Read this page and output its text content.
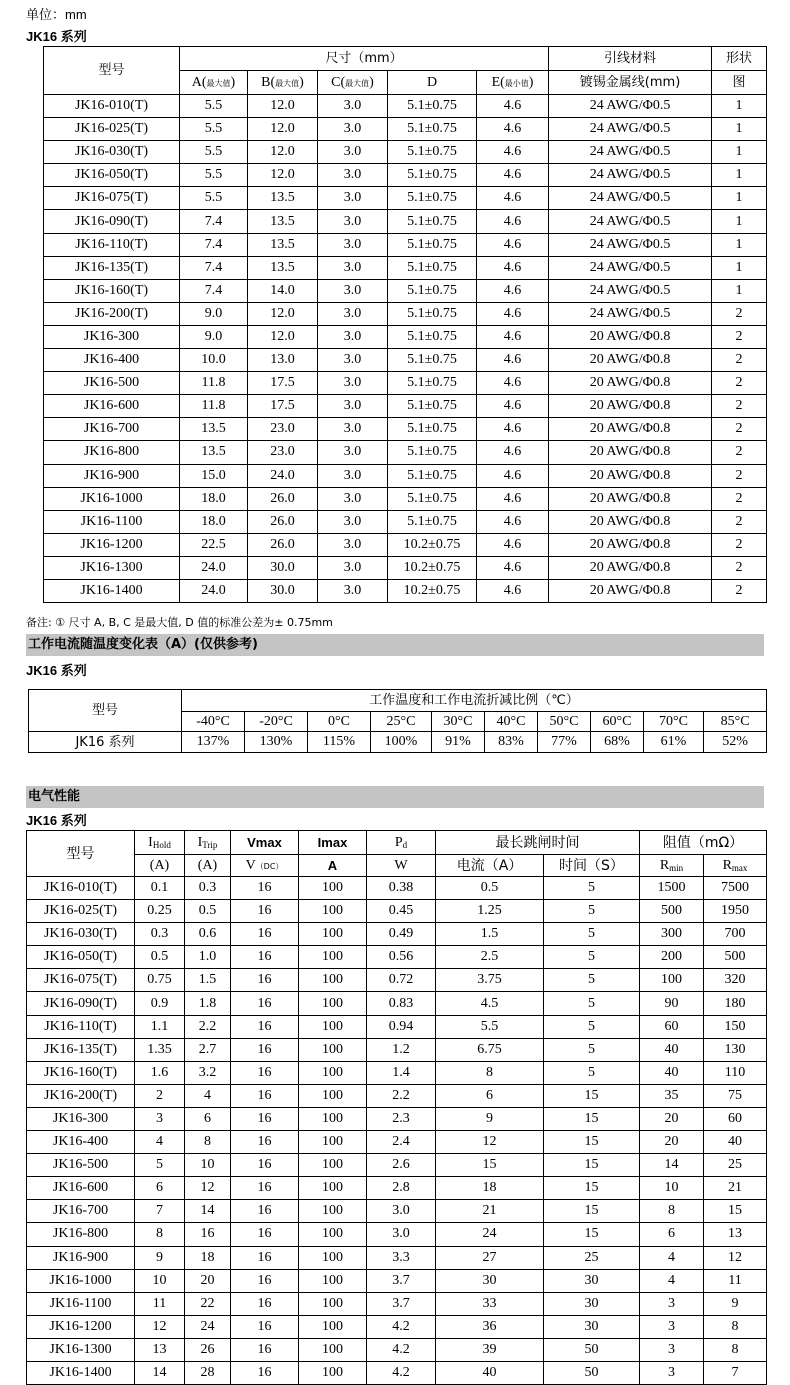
单位：mm
JK16 系列
型号	尺寸（mm）					引线材料	形状
	A(最大值)	B(最大值)	C(最大值)	D	E(最小值)	镀锡金属线(mm)	图
JK16-010(T)	5.5	12.0	3.0	5.1±0.75	4.6	24 AWG/Φ0.5	1
JK16-025(T)	5.5	12.0	3.0	5.1±0.75	4.6	24 AWG/Φ0.5	1
JK16-030(T)	5.5	12.0	3.0	5.1±0.75	4.6	24 AWG/Φ0.5	1
JK16-050(T)	5.5	12.0	3.0	5.1±0.75	4.6	24 AWG/Φ0.5	1
JK16-075(T)	5.5	13.5	3.0	5.1±0.75	4.6	24 AWG/Φ0.5	1
JK16-090(T)	7.4	13.5	3.0	5.1±0.75	4.6	24 AWG/Φ0.5	1
JK16-110(T)	7.4	13.5	3.0	5.1±0.75	4.6	24 AWG/Φ0.5	1
JK16-135(T)	7.4	13.5	3.0	5.1±0.75	4.6	24 AWG/Φ0.5	1
JK16-160(T)	7.4	14.0	3.0	5.1±0.75	4.6	24 AWG/Φ0.5	1
JK16-200(T)	9.0	12.0	3.0	5.1±0.75	4.6	24 AWG/Φ0.5	2
JK16-300	9.0	12.0	3.0	5.1±0.75	4.6	20 AWG/Φ0.8	2
JK16-400	10.0	13.0	3.0	5.1±0.75	4.6	20 AWG/Φ0.8	2
JK16-500	11.8	17.5	3.0	5.1±0.75	4.6	20 AWG/Φ0.8	2
JK16-600	11.8	17.5	3.0	5.1±0.75	4.6	20 AWG/Φ0.8	2
JK16-700	13.5	23.0	3.0	5.1±0.75	4.6	20 AWG/Φ0.8	2
JK16-800	13.5	23.0	3.0	5.1±0.75	4.6	20 AWG/Φ0.8	2
JK16-900	15.0	24.0	3.0	5.1±0.75	4.6	20 AWG/Φ0.8	2
JK16-1000	18.0	26.0	3.0	5.1±0.75	4.6	20 AWG/Φ0.8	2
JK16-1100	18.0	26.0	3.0	5.1±0.75	4.6	20 AWG/Φ0.8	2
JK16-1200	22.5	26.0	3.0	10.2±0.75	4.6	20 AWG/Φ0.8	2
JK16-1300	24.0	30.0	3.0	10.2±0.75	4.6	20 AWG/Φ0.8	2
JK16-1400	24.0	30.0	3.0	10.2±0.75	4.6	20 AWG/Φ0.8	2
备注: ① 尺寸 A, B, C 是最大值, D 值的标准公差为± 0.75mm
工作电流随温度变化表（A）(仅供参考)
JK16 系列
型号	工作温度和工作电流折减比例（℃）									
	-40°C	-20°C	0°C	25°C	30°C	40°C	50°C	60°C	70°C	85°C
JK16 系列	137%	130%	115%	100%	91%	83%	77%	68%	61%	52%
电气性能
JK16 系列
型号	$I_{Hold}$	$I_{Trip}$	Vmax	Imax	$P_d$	最长跳闸时间		阻值（mΩ）	
	(A)	(A)	V（DC）	A	W	电流（A）	时间（S）	$R_{min}$	$R_{max}$
JK16-010(T)	0.1	0.3	16	100	0.38	0.5	5	1500	7500
JK16-025(T)	0.25	0.5	16	100	0.45	1.25	5	500	1950
JK16-030(T)	0.3	0.6	16	100	0.49	1.5	5	300	700
JK16-050(T)	0.5	1.0	16	100	0.56	2.5	5	200	500
JK16-075(T)	0.75	1.5	16	100	0.72	3.75	5	100	320
JK16-090(T)	0.9	1.8	16	100	0.83	4.5	5	90	180
JK16-110(T)	1.1	2.2	16	100	0.94	5.5	5	60	150
JK16-135(T)	1.35	2.7	16	100	1.2	6.75	5	40	130
JK16-160(T)	1.6	3.2	16	100	1.4	8	5	40	110
JK16-200(T)	2	4	16	100	2.2	6	15	35	75
JK16-300	3	6	16	100	2.3	9	15	20	60
JK16-400	4	8	16	100	2.4	12	15	20	40
JK16-500	5	10	16	100	2.6	15	15	14	25
JK16-600	6	12	16	100	2.8	18	15	10	21
JK16-700	7	14	16	100	3.0	21	15	8	15
JK16-800	8	16	16	100	3.0	24	15	6	13
JK16-900	9	18	16	100	3.3	27	25	4	12
JK16-1000	10	20	16	100	3.7	30	30	4	11
JK16-1100	11	22	16	100	3.7	33	30	3	9
JK16-1200	12	24	16	100	4.2	36	30	3	8
JK16-1300	13	26	16	100	4.2	39	50	3	8
JK16-1400	14	28	16	100	4.2	40	50	3	7
